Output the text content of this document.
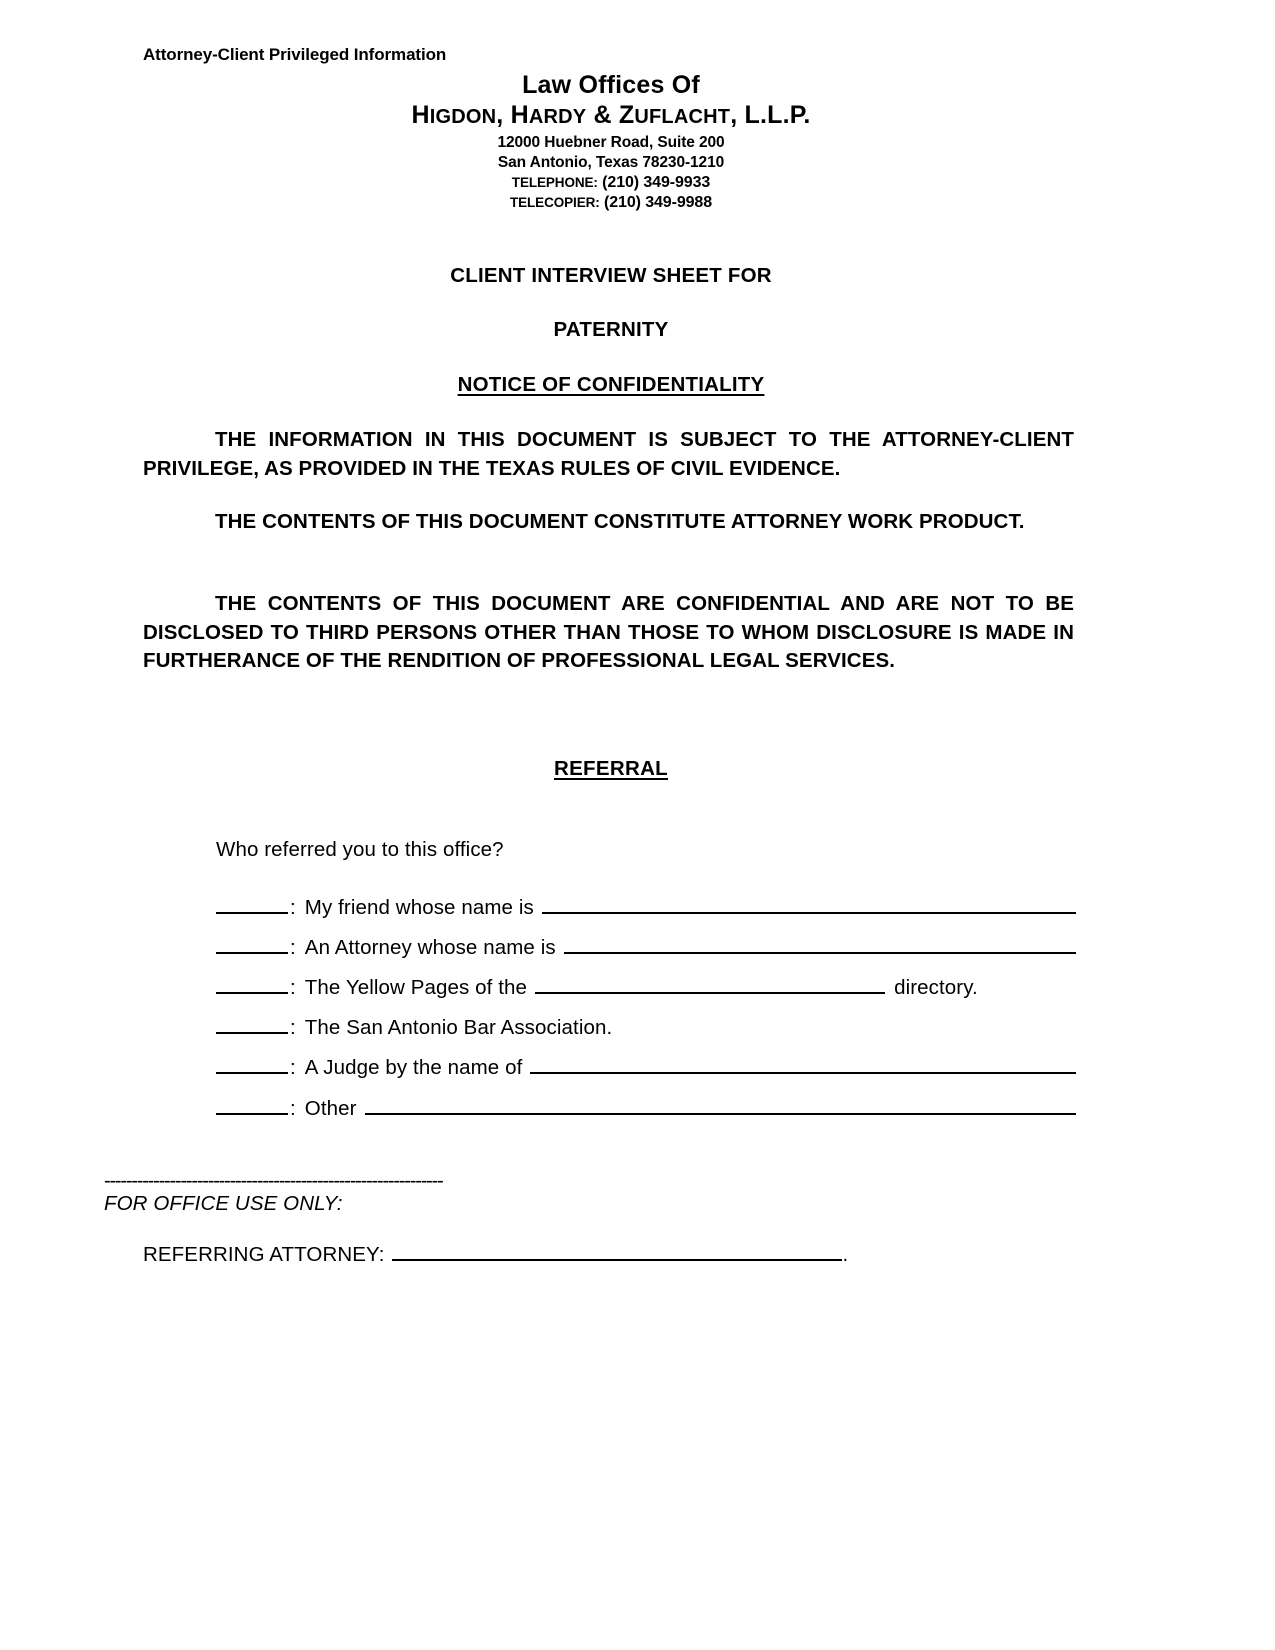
Attorney-Client Privileged Information
Law Offices Of
HIGDON, HARDY & ZUFLACHT, L.L.P.
12000 Huebner Road, Suite 200
San Antonio, Texas 78230-1210
TELEPHONE: (210) 349-9933
TELECOPIER: (210) 349-9988
CLIENT INTERVIEW SHEET FOR
PATERNITY
NOTICE OF CONFIDENTIALITY
THE INFORMATION IN THIS DOCUMENT IS SUBJECT TO THE ATTORNEY-CLIENT PRIVILEGE, AS PROVIDED IN THE TEXAS RULES OF CIVIL EVIDENCE.
THE CONTENTS OF THIS DOCUMENT CONSTITUTE ATTORNEY WORK PRODUCT.
THE CONTENTS OF THIS DOCUMENT ARE CONFIDENTIAL AND ARE NOT TO BE DISCLOSED TO THIRD PERSONS OTHER THAN THOSE TO WHOM DISCLOSURE IS MADE IN FURTHERANCE OF THE RENDITION OF PROFESSIONAL LEGAL SERVICES.
REFERRAL
Who referred you to this office?
: My friend whose name is
: An Attorney whose name is
: The Yellow Pages of the	directory.
: The San Antonio Bar Association.
: A Judge by the name of
: Other
--------------------------------------------------------------
FOR OFFICE USE ONLY:
REFERRING ATTORNEY:	.
